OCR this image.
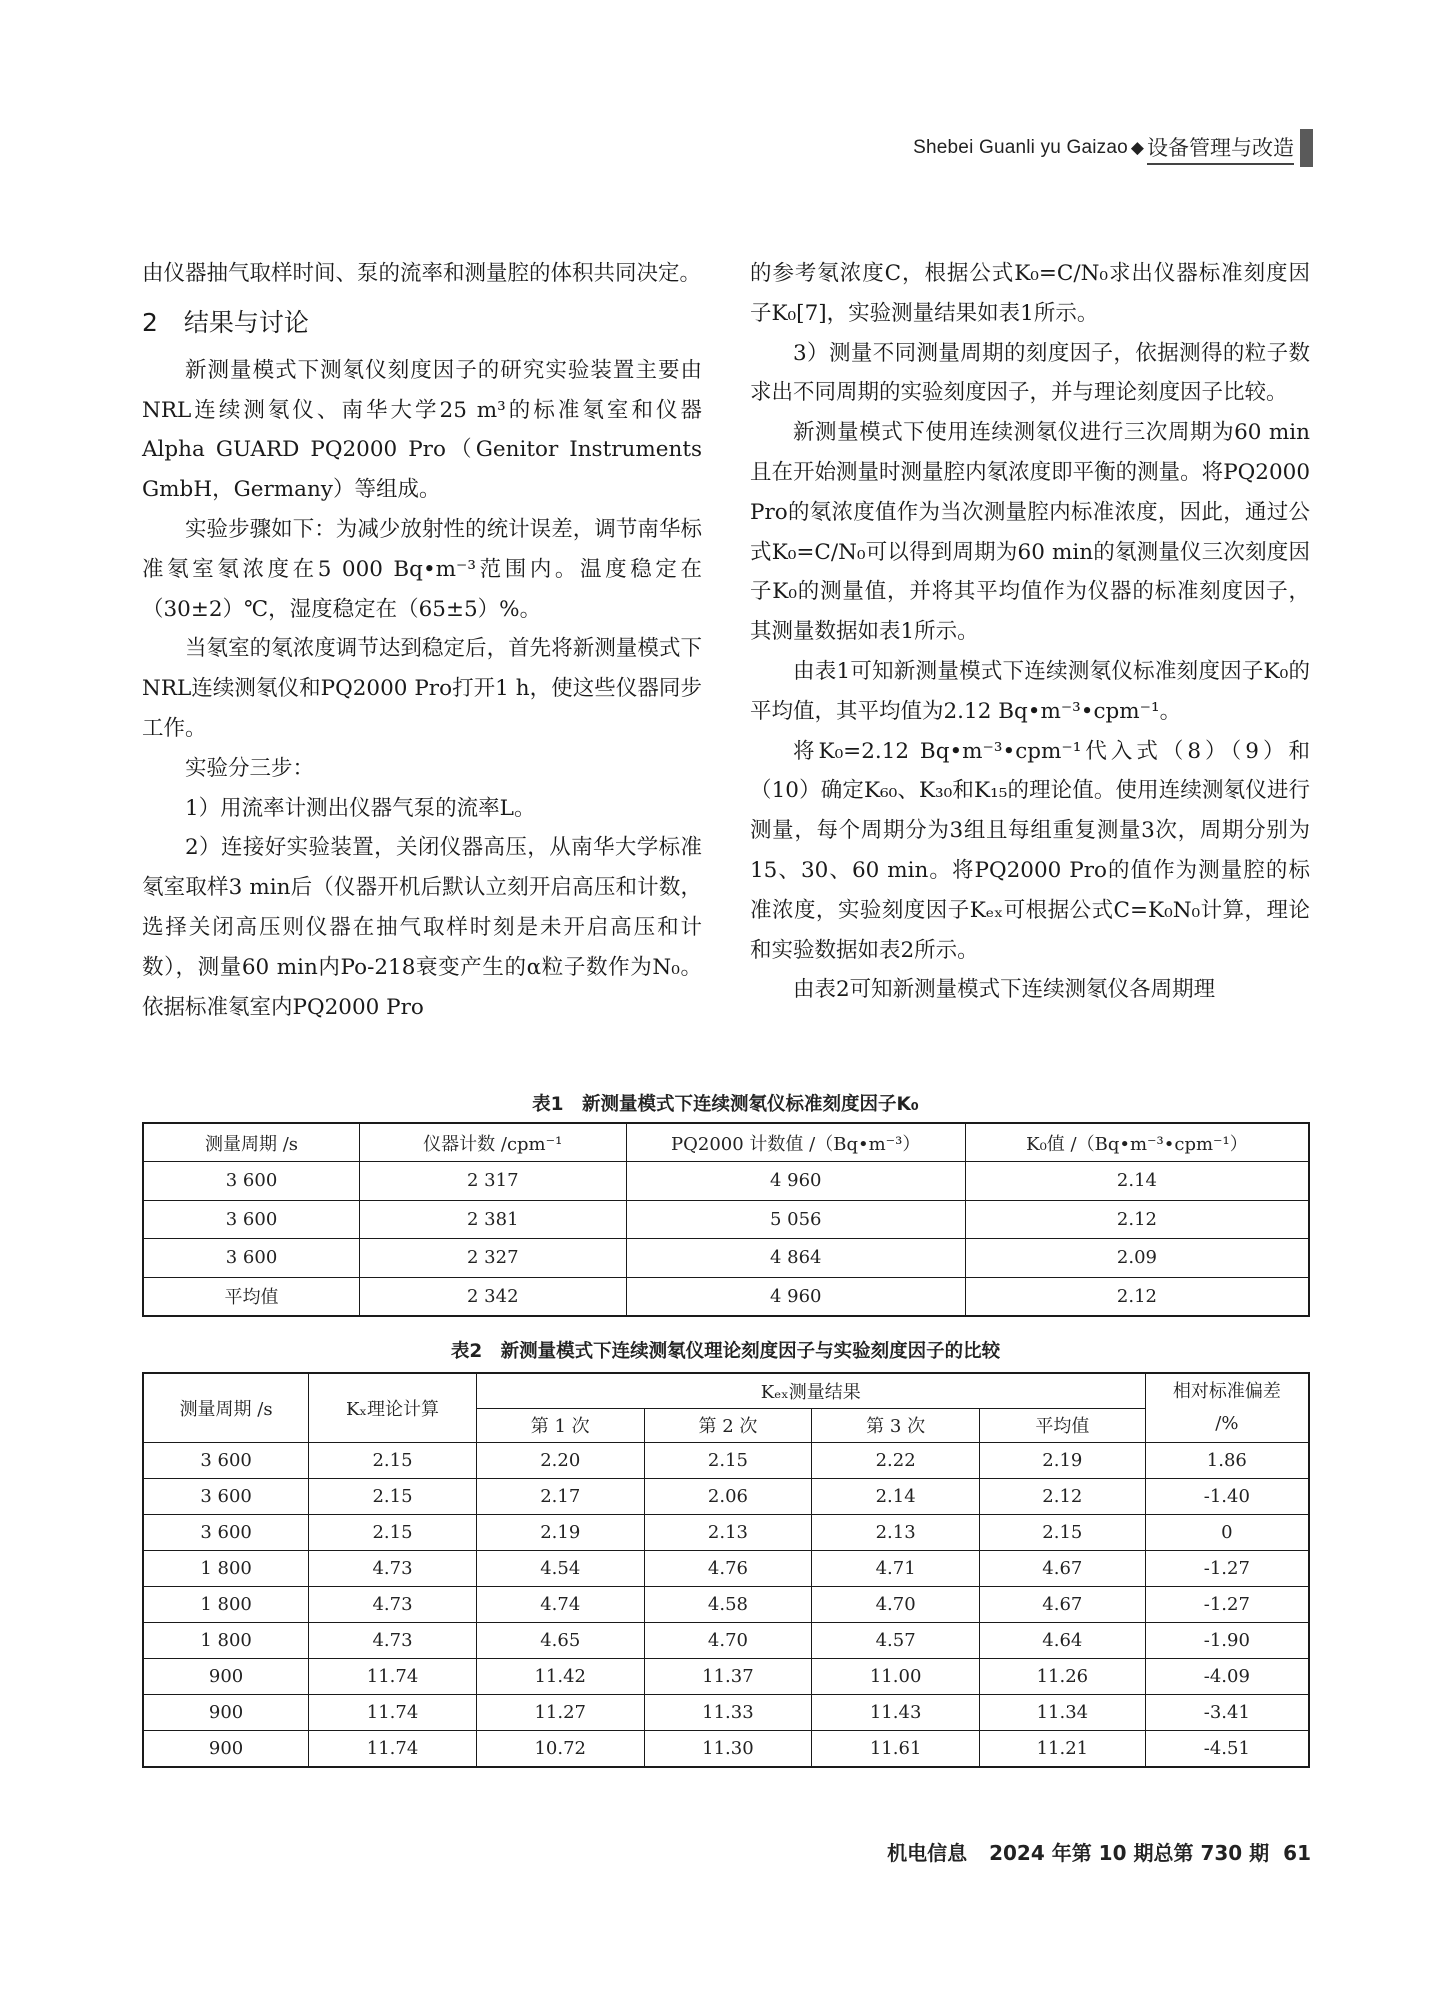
Shebei Guanli yu Gaizao ◆ 设备管理与改造

由仪器抽气取样时间、泵的流率和测量腔的体积共同决定。

2 结果与讨论

新测量模式下测氡仪刻度因子的研究实验装置主要由NRL连续测氡仪、南华大学25 m³的标准氡室和仪器Alpha GUARD PQ2000 Pro（Genitor Instruments GmbH，Germany）等组成。

实验步骤如下：为减少放射性的统计误差，调节南华标准氡室氡浓度在5 000 Bq•m⁻³范围内。温度稳定在（30±2）℃，湿度稳定在（65±5）%。

当氡室的氡浓度调节达到稳定后，首先将新测量模式下NRL连续测氡仪和PQ2000 Pro打开1 h，使这些仪器同步工作。

实验分三步：

1）用流率计测出仪器气泵的流率L。

2）连接好实验装置，关闭仪器高压，从南华大学标准氡室取样3 min后（仪器开机后默认立刻开启高压和计数，选择关闭高压则仪器在抽气取样时刻是未开启高压和计数），测量60 min内Po-218衰变产生的α粒子数作为N₀。依据标准氡室内PQ2000 Pro

的参考氡浓度C，根据公式K₀=C/N₀求出仪器标准刻度因子K₀[7]，实验测量结果如表1所示。

3）测量不同测量周期的刻度因子，依据测得的粒子数求出不同周期的实验刻度因子，并与理论刻度因子比较。

新测量模式下使用连续测氡仪进行三次周期为60 min且在开始测量时测量腔内氡浓度即平衡的测量。将PQ2000 Pro的氡浓度值作为当次测量腔内标准浓度，因此，通过公式K₀=C/N₀可以得到周期为60 min的氡测量仪三次刻度因子K₀的测量值，并将其平均值作为仪器的标准刻度因子，其测量数据如表1所示。

由表1可知新测量模式下连续测氡仪标准刻度因子K₀的平均值，其平均值为2.12 Bq•m⁻³•cpm⁻¹。

将K₀=2.12 Bq•m⁻³•cpm⁻¹代入式（8）（9）和（10）确定K₆₀、K₃₀和K₁₅的理论值。使用连续测氡仪进行测量，每个周期分为3组且每组重复测量3次，周期分别为15、30、60 min。将PQ2000 Pro的值作为测量腔的标准浓度，实验刻度因子Kₑₓ可根据公式C=K₀N₀计算，理论和实验数据如表2所示。

由表2可知新测量模式下连续测氡仪各周期理

表1　新测量模式下连续测氡仪标准刻度因子K₀
测量周期 /s	仪器计数 /cpm⁻¹	PQ2000 计数值 /（Bq•m⁻³）	K₀值 /（Bq•m⁻³•cpm⁻¹）
3 600	2 317	4 960	2.14
3 600	2 381	5 056	2.12
3 600	2 327	4 864	2.09
平均值	2 342	4 960	2.12
表2　新测量模式下连续测氡仪理论刻度因子与实验刻度因子的比较
测量周期 /s	Kₓ理论计算	Kₑₓ测量结果				相对标准偏差 /%
		第 1 次	第 2 次	第 3 次	平均值	
3 600	2.15	2.20	2.15	2.22	2.19	1.86
3 600	2.15	2.17	2.06	2.14	2.12	-1.40
3 600	2.15	2.19	2.13	2.13	2.15	0
1 800	4.73	4.54	4.76	4.71	4.67	-1.27
1 800	4.73	4.74	4.58	4.70	4.67	-1.27
1 800	4.73	4.65	4.70	4.57	4.64	-1.90
900	11.74	11.42	11.37	11.00	11.26	-4.09
900	11.74	11.27	11.33	11.43	11.34	-3.41
900	11.74	10.72	11.30	11.61	11.21	-4.51
机电信息 2024 年第 10 期总第 730 期 61
